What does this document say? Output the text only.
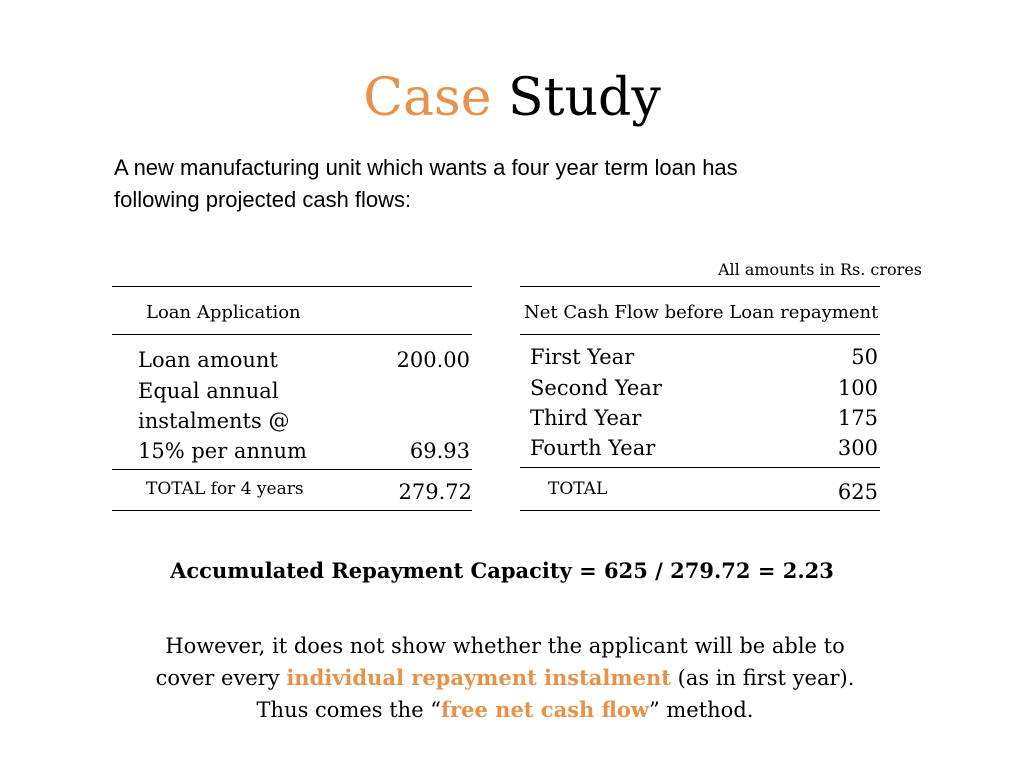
Case Study
A new manufacturing unit which wants a four year term loan has
following projected cash flows:
All amounts in Rs. crores
Loan Application
Loan amount	200.00
Equal annual
instalments @
15% per annum	69.93
TOTAL for 4 years	279.72
Net Cash Flow before Loan repayment
First Year	50
Second Year	100
Third Year	175
Fourth Year	300
TOTAL	625
Accumulated Repayment Capacity = 625 / 279.72 = 2.23
However, it does not show whether the applicant will be able to
cover every individual repayment instalment (as in first year).
Thus comes the “free net cash flow” method.
